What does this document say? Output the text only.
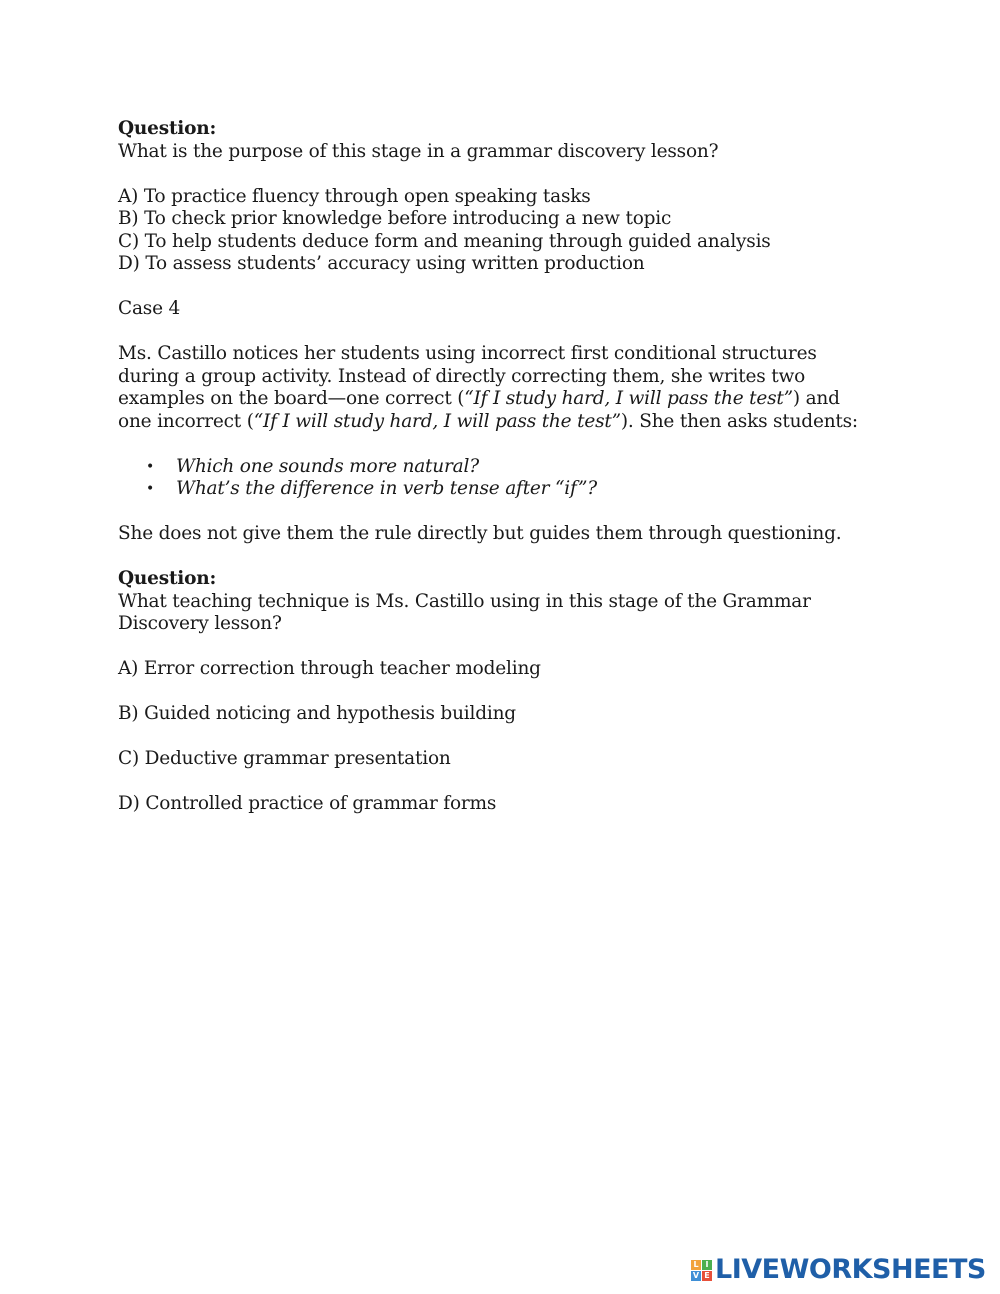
Question:

What is the purpose of this stage in a grammar discovery lesson?

A) To practice fluency through open speaking tasks

B) To check prior knowledge before introducing a new topic

C) To help students deduce form and meaning through guided analysis

D) To assess students’ accuracy using written production

Case 4

Ms. Castillo notices her students using incorrect first conditional structures during a group activity. Instead of directly correcting them, she writes two examples on the board—one correct (“If I study hard, I will pass the test”) and one incorrect (“If I will study hard, I will pass the test”). She then asks students:

• Which one sounds more natural?
• What’s the difference in verb tense after “if”?

She does not give them the rule directly but guides them through questioning.

Question:

What teaching technique is Ms. Castillo using in this stage of the Grammar Discovery lesson?

A) Error correction through teacher modeling

B) Guided noticing and hypothesis building

C) Deductive grammar presentation

D) Controlled practice of grammar forms

L I
V E LIVEWORKSHEETS
